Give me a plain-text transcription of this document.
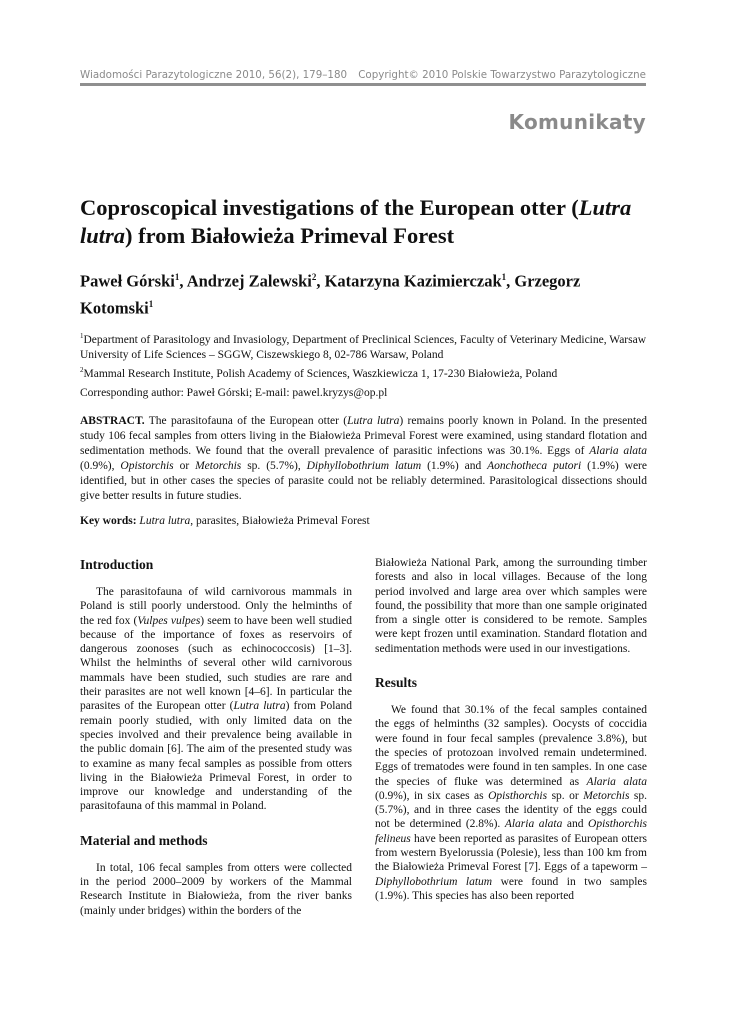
Wiadomości Parazytologiczne 2010, 56(2), 179–180 Copyright© 2010 Polskie Towarzystwo Parazytologiczne
Komunikaty
Coproscopical investigations of the European otter (Lutra lutra) from Białowieża Primeval Forest
Paweł Górski$^1$, Andrzej Zalewski$^2$, Katarzyna Kazimierczak$^1$, Grzegorz Kotomski$^1$

$^1$Department of Parasitology and Invasiology, Department of Preclinical Sciences, Faculty of Veterinary Medicine, Warsaw University of Life Sciences – SGGW, Ciszewskiego 8, 02-786 Warsaw, Poland

$^2$Mammal Research Institute, Polish Academy of Sciences, Waszkiewicza 1, 17-230 Białowieża, Poland

Corresponding author: Paweł Górski; E-mail: pawel.kryzys@op.pl

ABSTRACT. The parasitofauna of the European otter (Lutra lutra) remains poorly known in Poland. In the presented study 106 fecal samples from otters living in the Białowieża Primeval Forest were examined, using standard flotation and sedimentation methods. We found that the overall prevalence of parasitic infections was 30.1%. Eggs of Alaria alata (0.9%), Opistorchis or Metorchis sp. (5.7%), Diphyllobothrium latum (1.9%) and Aonchotheca putori (1.9%) were identified, but in other cases the species of parasite could not be reliably determined. Parasitological dissections should give better results in future studies.

Key words: Lutra lutra, parasites, Białowieża Primeval Forest

Introduction

The parasitofauna of wild carnivorous mammals in Poland is still poorly understood. Only the helminths of the red fox (Vulpes vulpes) seem to have been well studied because of the importance of foxes as reservoirs of dangerous zoonoses (such as echinococcosis) [1–3]. Whilst the helminths of several other wild carnivorous mammals have been studied, such studies are rare and their parasites are not well known [4–6]. In particular the parasites of the European otter (Lutra lutra) from Poland remain poorly studied, with only limited data on the species involved and their prevalence being available in the public domain [6]. The aim of the presented study was to examine as many fecal samples as possible from otters living in the Białowieża Primeval Forest, in order to improve our knowledge and understanding of the parasitofauna of this mammal in Poland.

Material and methods

In total, 106 fecal samples from otters were collected in the period 2000–2009 by workers of the Mammal Research Institute in Białowieża, from the river banks (mainly under bridges) within the borders of the

Białowieża National Park, among the surrounding timber forests and also in local villages. Because of the long period involved and large area over which samples were found, the possibility that more than one sample originated from a single otter is considered to be remote. Samples were kept frozen until examination. Standard flotation and sedimentation methods were used in our investigations.

Results

We found that 30.1% of the fecal samples contained the eggs of helminths (32 samples). Oocysts of coccidia were found in four fecal samples (prevalence 3.8%), but the species of protozoan involved remain undetermined. Eggs of trematodes were found in ten samples. In one case the species of fluke was determined as Alaria alata (0.9%), in six cases as Opisthorchis sp. or Metorchis sp. (5.7%), and in three cases the identity of the eggs could not be determined (2.8%). Alaria alata and Opisthorchis felineus have been reported as parasites of European otters from western Byelorussia (Polesie), less than 100 km from the Białowieża Primeval Forest [7]. Eggs of a tapeworm – Diphyllobothrium latum were found in two samples (1.9%). This species has also been reported
